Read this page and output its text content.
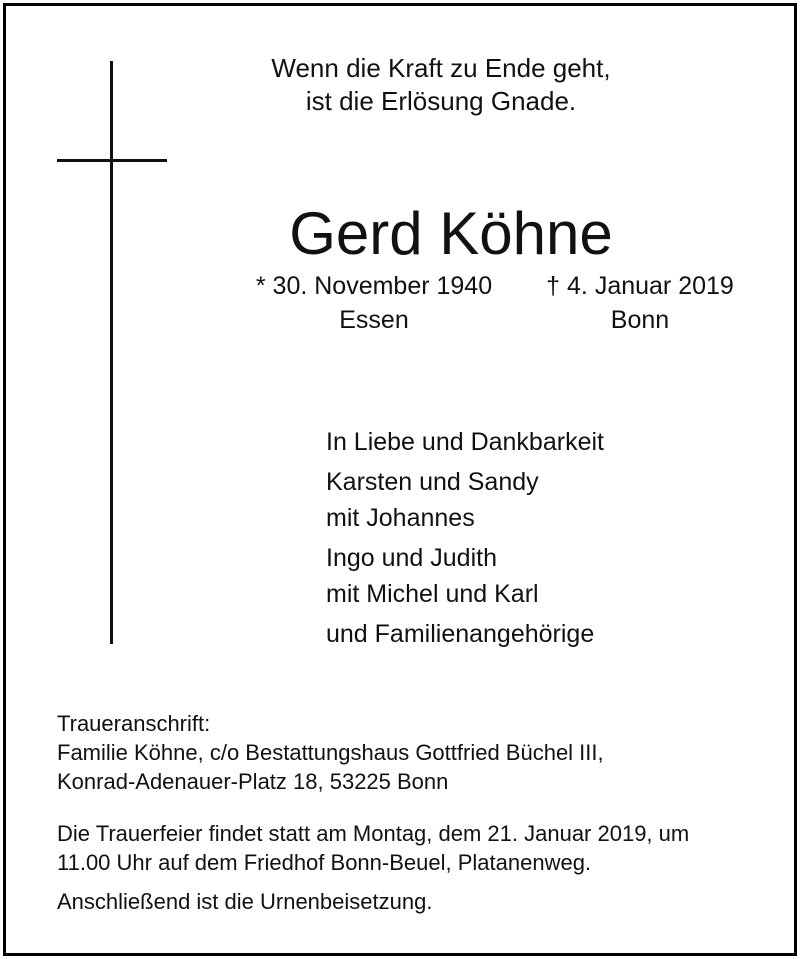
Wenn die Kraft zu Ende geht,
ist die Erlösung Gnade.
Gerd Köhne
* 30. November 1940
Essen
† 4. Januar 2019
Bonn
In Liebe und Dankbarkeit
Karsten und Sandy
mit Johannes
Ingo und Judith
mit Michel und Karl
und Familienangehörige
Traueranschrift:
Familie Köhne, c/o Bestattungshaus Gottfried Büchel III,
Konrad-Adenauer-Platz 18, 53225 Bonn
Die Trauerfeier findet statt am Montag, dem 21. Januar 2019, um
11.00 Uhr auf dem Friedhof Bonn-Beuel, Platanenweg.
Anschließend ist die Urnenbeisetzung.
